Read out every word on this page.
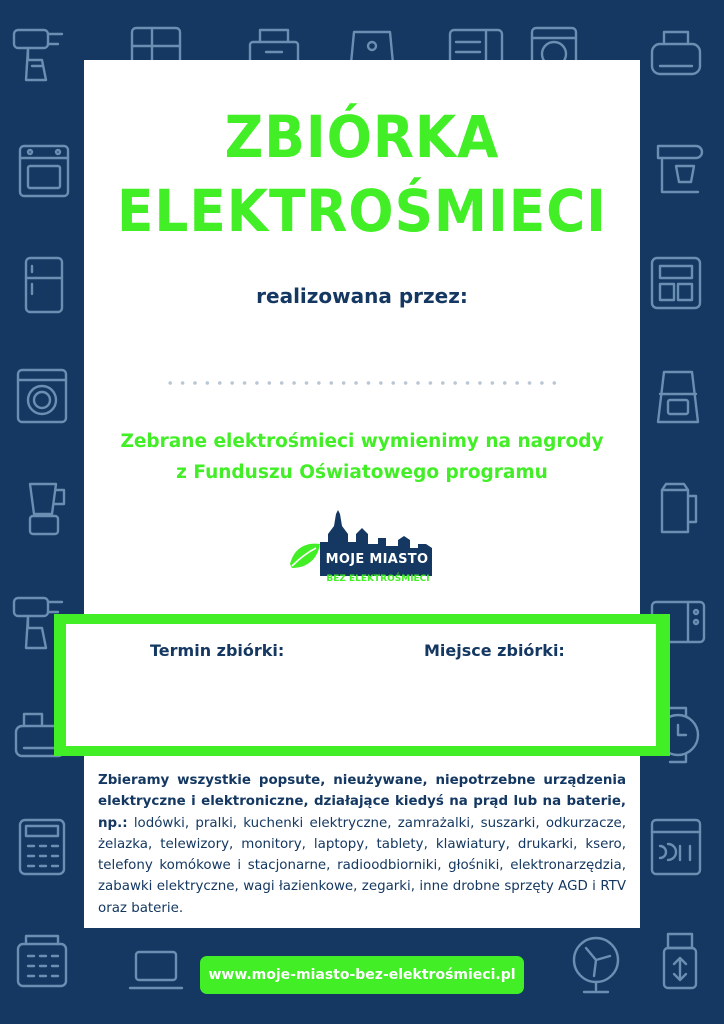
ZBIÓRKA
ELEKTROŚMIECI
realizowana przez:
Zebrane elektrośmieci wymienimy na nagrody
z Funduszu Oświatowego programu
MOJE MIASTO
BEZ ELEKTROŚMIECI
Termin zbiórki:	Miejsce zbiórki:
Zbieramy wszystkie popsute, nieużywane, niepotrzebne urządzenia elektryczne i elektroniczne, działające kiedyś na prąd lub na baterie, np.: lodówki, pralki, kuchenki elektryczne, zamrażalki, suszarki, odkurzacze, żelazka, telewizory, monitory, laptopy, tablety, klawiatury, drukarki, ksero, telefony komókowe i stacjonarne, radioodbiorniki, głośniki, elektronarzędzia, zabawki elektryczne, wagi łazienkowe, zegarki, inne drobne sprzęty AGD i RTV oraz baterie.
www.moje-miasto-bez-elektrośmieci.pl
